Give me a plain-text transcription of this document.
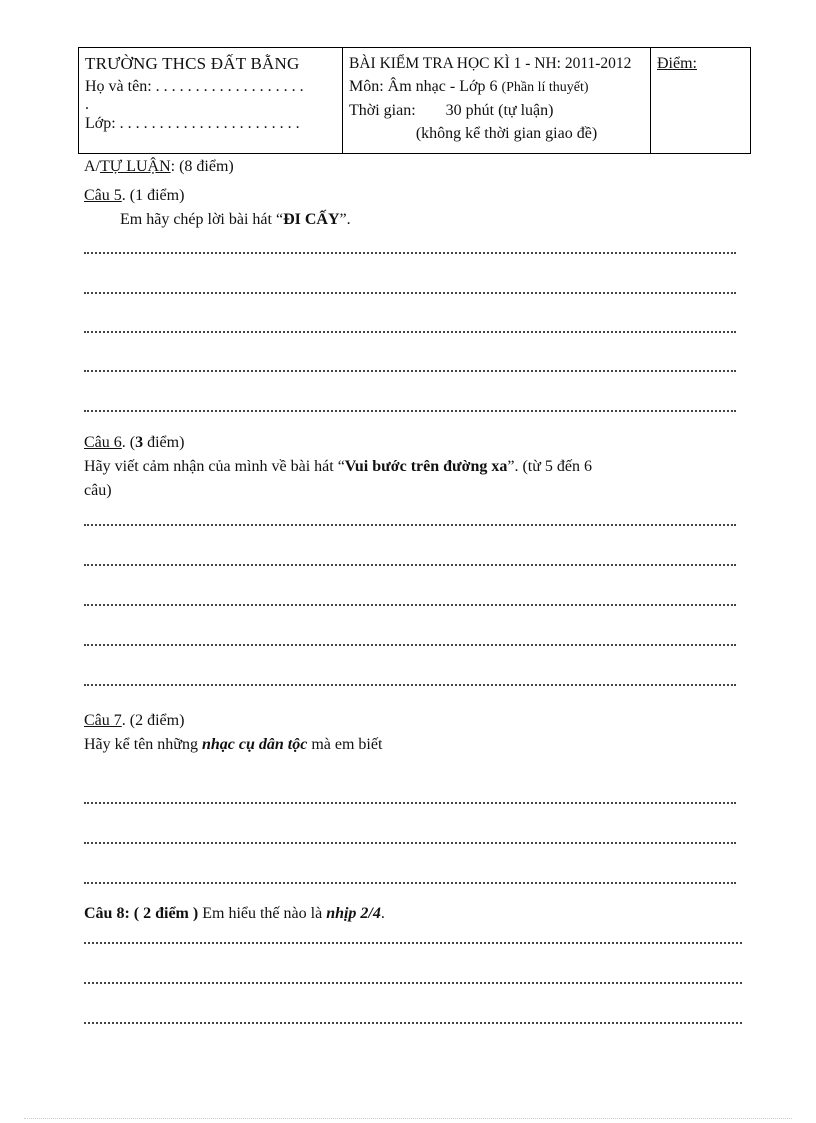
TRƯỜNG THCS ĐẤT BẰNG
Họ và tên: . . . . . . . . . . . . . . . . . . .
.
Lớp: . . . . . . . . . . . . . . . . . . . . . . .
BÀI KIỂM TRA HỌC KÌ 1 - NH: 2011-2012
Môn: Âm nhạc - Lớp 6 (Phần lí thuyết)
Thời gian: 30 phút (tự luận)
(không kể thời gian giao đề)
Điểm:
A/TỰ LUẬN: (8 điểm)
Câu 5. (1 điểm)
Em hãy chép lời bài hát “ĐI CẤY”.
Câu 6. (3 điểm)
Hãy viết cảm nhận của mình về bài hát “Vui bước trên đường xa”. (từ 5 đến 6
câu)
Câu 7. (2 điểm)
Hãy kể tên những nhạc cụ dân tộc mà em biết
Câu 8: ( 2 điểm ) Em hiểu thế nào là nhịp 2/4.
